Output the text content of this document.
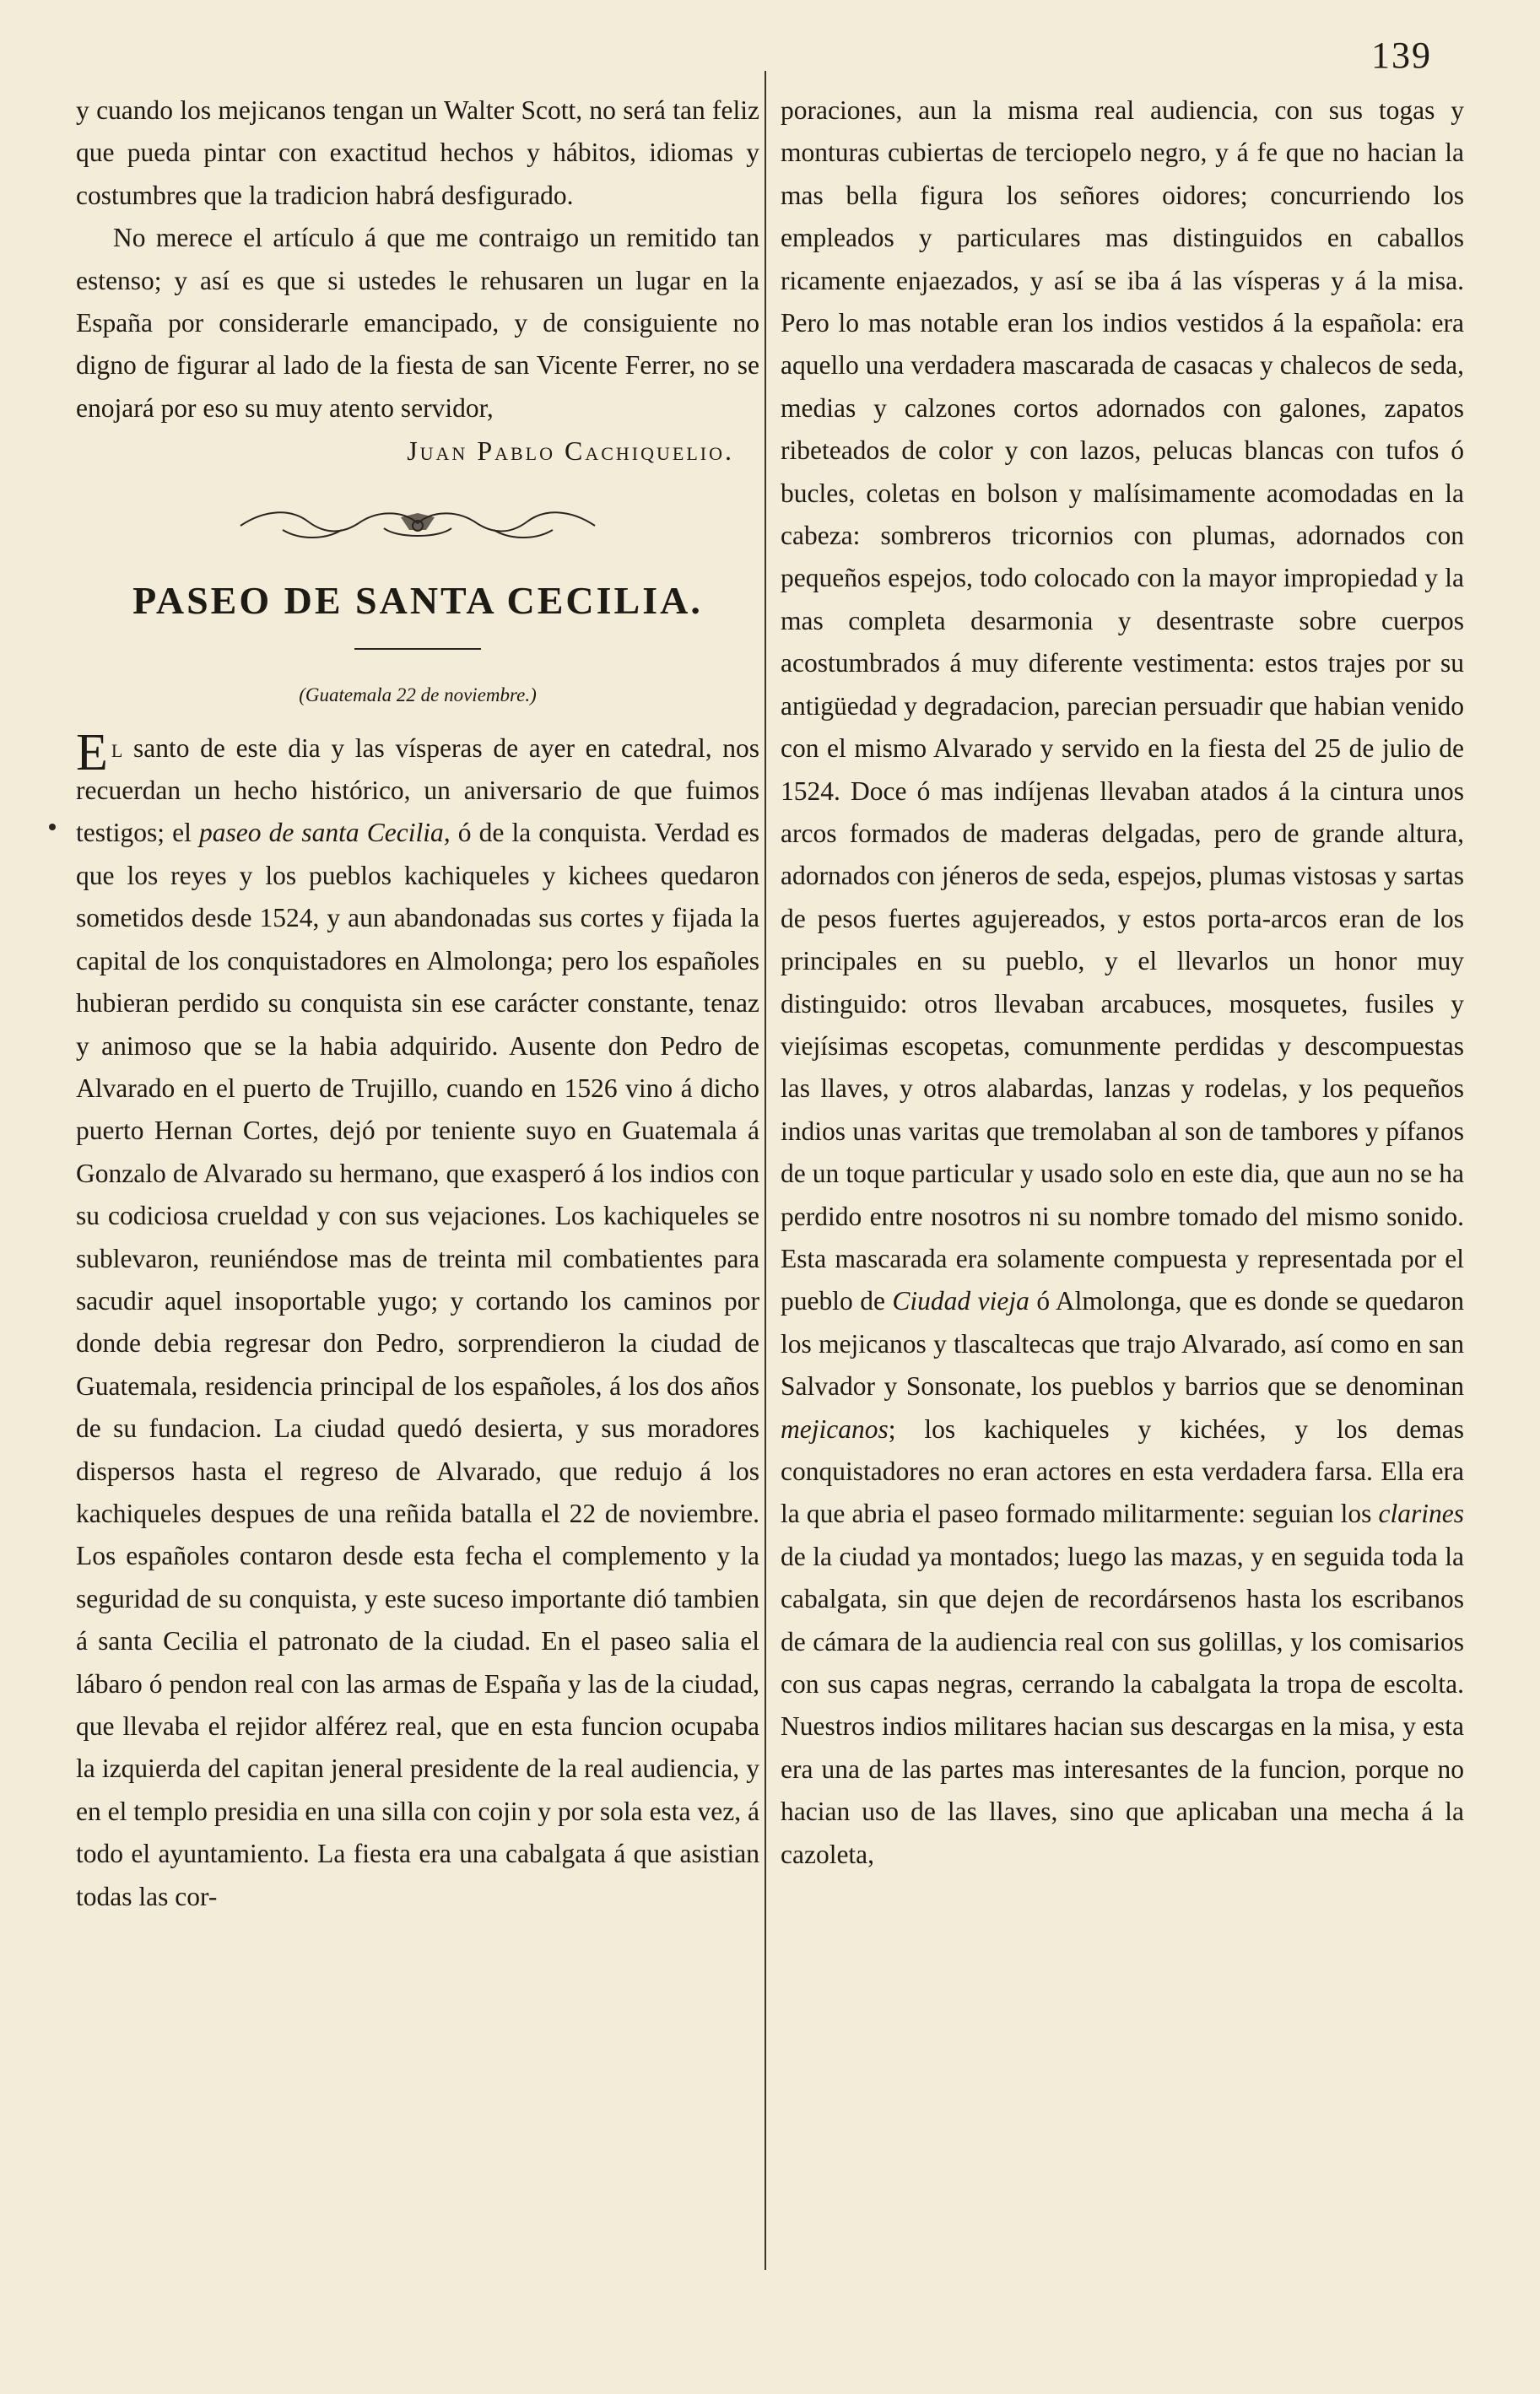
139

y cuando los mejicanos tengan un Walter Scott, no será tan feliz que pueda pintar con exactitud hechos y hábitos, idiomas y costumbres que la tradicion habrá desfigurado.

No merece el artículo á que me contraigo un remitido tan estenso; y así es que si ustedes le rehusaren un lugar en la España por considerarle emancipado, y de consiguiente no digno de figurar al lado de la fiesta de san Vicente Ferrer, no se enojará por eso su muy atento servidor,

Juan Pablo Cachiquelio.

PASEO DE SANTA CECILIA.
(Guatemala 22 de noviembre.)

El santo de este dia y las vísperas de ayer en catedral, nos recuerdan un hecho histórico, un aniversario de que fuimos testigos; el paseo de santa Cecilia, ó de la conquista. Verdad es que los reyes y los pueblos kachiqueles y kichees quedaron sometidos desde 1524, y aun abandonadas sus cortes y fijada la capital de los conquistadores en Almolonga; pero los españoles hubieran perdido su conquista sin ese carácter constante, tenaz y animoso que se la habia adquirido. Ausente don Pedro de Alvarado en el puerto de Trujillo, cuando en 1526 vino á dicho puerto Hernan Cortes, dejó por teniente suyo en Guatemala á Gonzalo de Alvarado su hermano, que exasperó á los indios con su codiciosa crueldad y con sus vejaciones. Los kachiqueles se sublevaron, reuniéndose mas de treinta mil combatientes para sacudir aquel insoportable yugo; y cortando los caminos por donde debia regresar don Pedro, sorprendieron la ciudad de Guatemala, residencia principal de los españoles, á los dos años de su fundacion. La ciudad quedó desierta, y sus moradores dispersos hasta el regreso de Alvarado, que redujo á los kachiqueles despues de una reñida batalla el 22 de noviembre. Los españoles contaron desde esta fecha el complemento y la seguridad de su conquista, y este suceso importante dió tambien á santa Cecilia el patronato de la ciudad. En el paseo salia el lábaro ó pendon real con las armas de España y las de la ciudad, que llevaba el rejidor alférez real, que en esta funcion ocupaba la izquierda del capitan jeneral presidente de la real audiencia, y en el templo presidia en una silla con cojin y por sola esta vez, á todo el ayuntamiento. La fiesta era una cabalgata á que asistian todas las cor-

poraciones, aun la misma real audiencia, con sus togas y monturas cubiertas de terciopelo negro, y á fe que no hacian la mas bella figura los señores oidores; concurriendo los empleados y particulares mas distinguidos en caballos ricamente enjaezados, y así se iba á las vísperas y á la misa. Pero lo mas notable eran los indios vestidos á la española: era aquello una verdadera mascarada de casacas y chalecos de seda, medias y calzones cortos adornados con galones, zapatos ribeteados de color y con lazos, pelucas blancas con tufos ó bucles, coletas en bolson y malísimamente acomodadas en la cabeza: sombreros tricornios con plumas, adornados con pequeños espejos, todo colocado con la mayor impropiedad y la mas completa desarmonia y desentraste sobre cuerpos acostumbrados á muy diferente vestimenta: estos trajes por su antigüedad y degradacion, parecian persuadir que habian venido con el mismo Alvarado y servido en la fiesta del 25 de julio de 1524. Doce ó mas indíjenas llevaban atados á la cintura unos arcos formados de maderas delgadas, pero de grande altura, adornados con jéneros de seda, espejos, plumas vistosas y sartas de pesos fuertes agujereados, y estos porta-arcos eran de los principales en su pueblo, y el llevarlos un honor muy distinguido: otros llevaban arcabuces, mosquetes, fusiles y viejísimas escopetas, comunmente perdidas y descompuestas las llaves, y otros alabardas, lanzas y rodelas, y los pequeños indios unas varitas que tremolaban al son de tambores y pífanos de un toque particular y usado solo en este dia, que aun no se ha perdido entre nosotros ni su nombre tomado del mismo sonido. Esta mascarada era solamente compuesta y representada por el pueblo de Ciudad vieja ó Almolonga, que es donde se quedaron los mejicanos y tlascaltecas que trajo Alvarado, así como en san Salvador y Sonsonate, los pueblos y barrios que se denominan mejicanos; los kachiqueles y kichées, y los demas conquistadores no eran actores en esta verdadera farsa. Ella era la que abria el paseo formado militarmente: seguian los clarines de la ciudad ya montados; luego las mazas, y en seguida toda la cabalgata, sin que dejen de recordársenos hasta los escribanos de cámara de la audiencia real con sus golillas, y los comisarios con sus capas negras, cerrando la cabalgata la tropa de escolta. Nuestros indios militares hacian sus descargas en la misa, y esta era una de las partes mas interesantes de la funcion, porque no hacian uso de las llaves, sino que aplicaban una mecha á la cazoleta,
